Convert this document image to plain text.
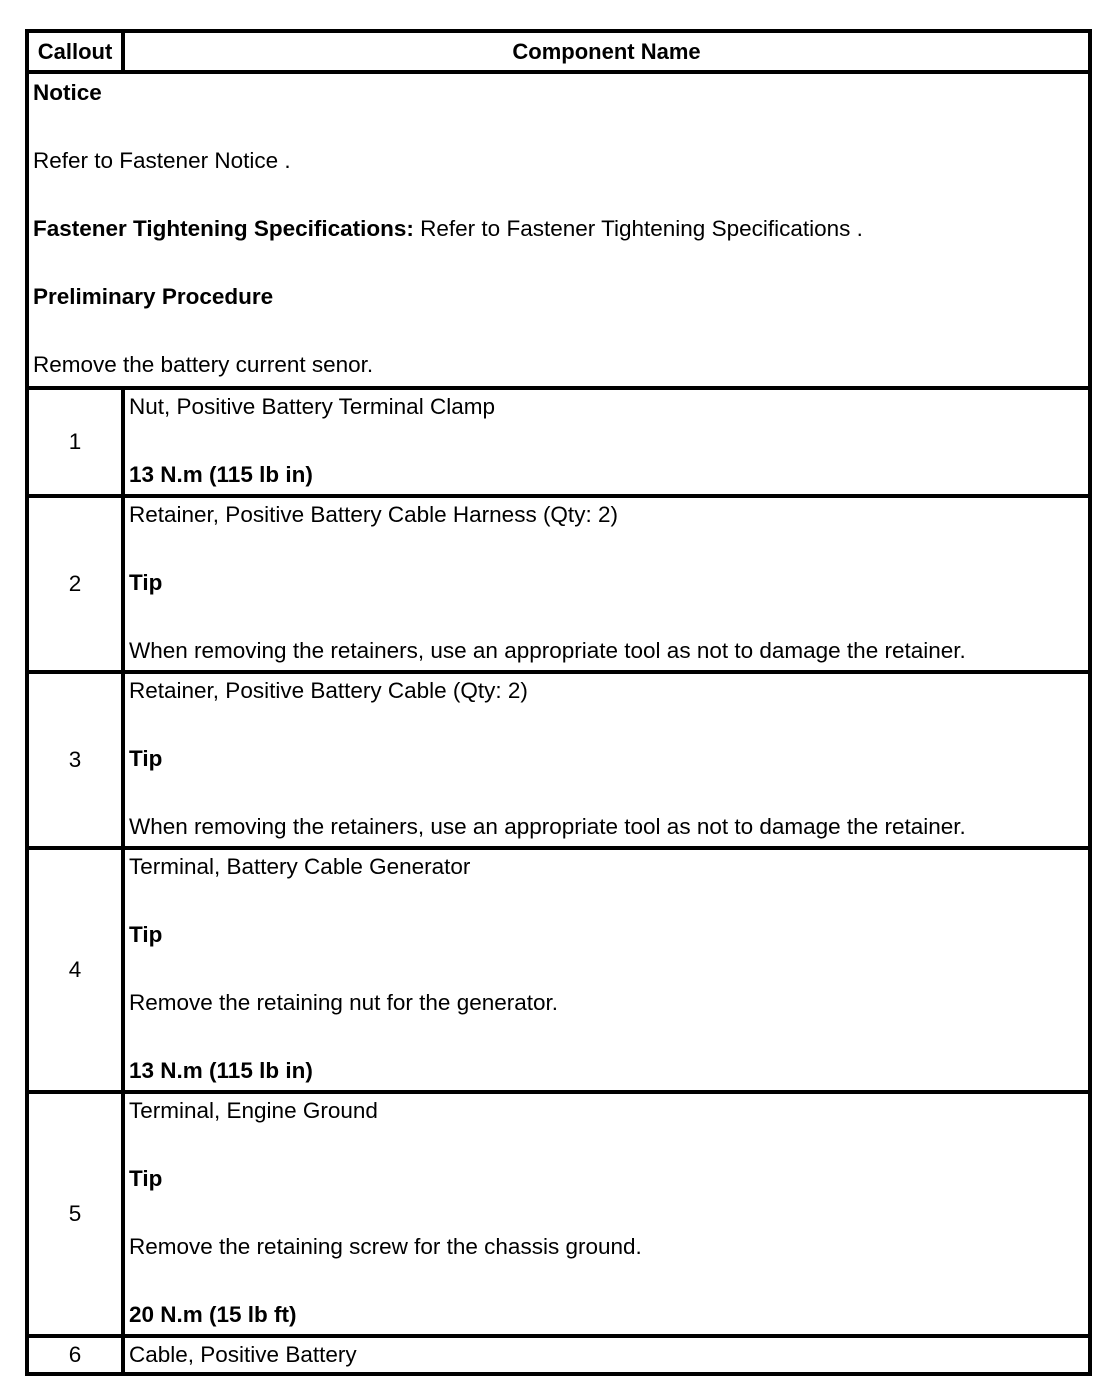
Callout	Component Name

Notice
Refer to Fastener Notice .
Fastener Tightening Specifications: Refer to Fastener Tightening Specifications .
Preliminary Procedure
Remove the battery current senor.	

1	Nut, Positive Battery Terminal Clamp
13 N.m (115 lb in)

2	Retainer, Positive Battery Cable Harness (Qty: 2)
Tip
When removing the retainers, use an appropriate tool as not to damage the retainer.

3	Retainer, Positive Battery Cable (Qty: 2)
Tip
When removing the retainers, use an appropriate tool as not to damage the retainer.

4	Terminal, Battery Cable Generator
Tip
Remove the retaining nut for the generator.
13 N.m (115 lb in)

5	Terminal, Engine Ground
Tip
Remove the retaining screw for the chassis ground.
20 N.m (15 lb ft)

6	Cable, Positive Battery
